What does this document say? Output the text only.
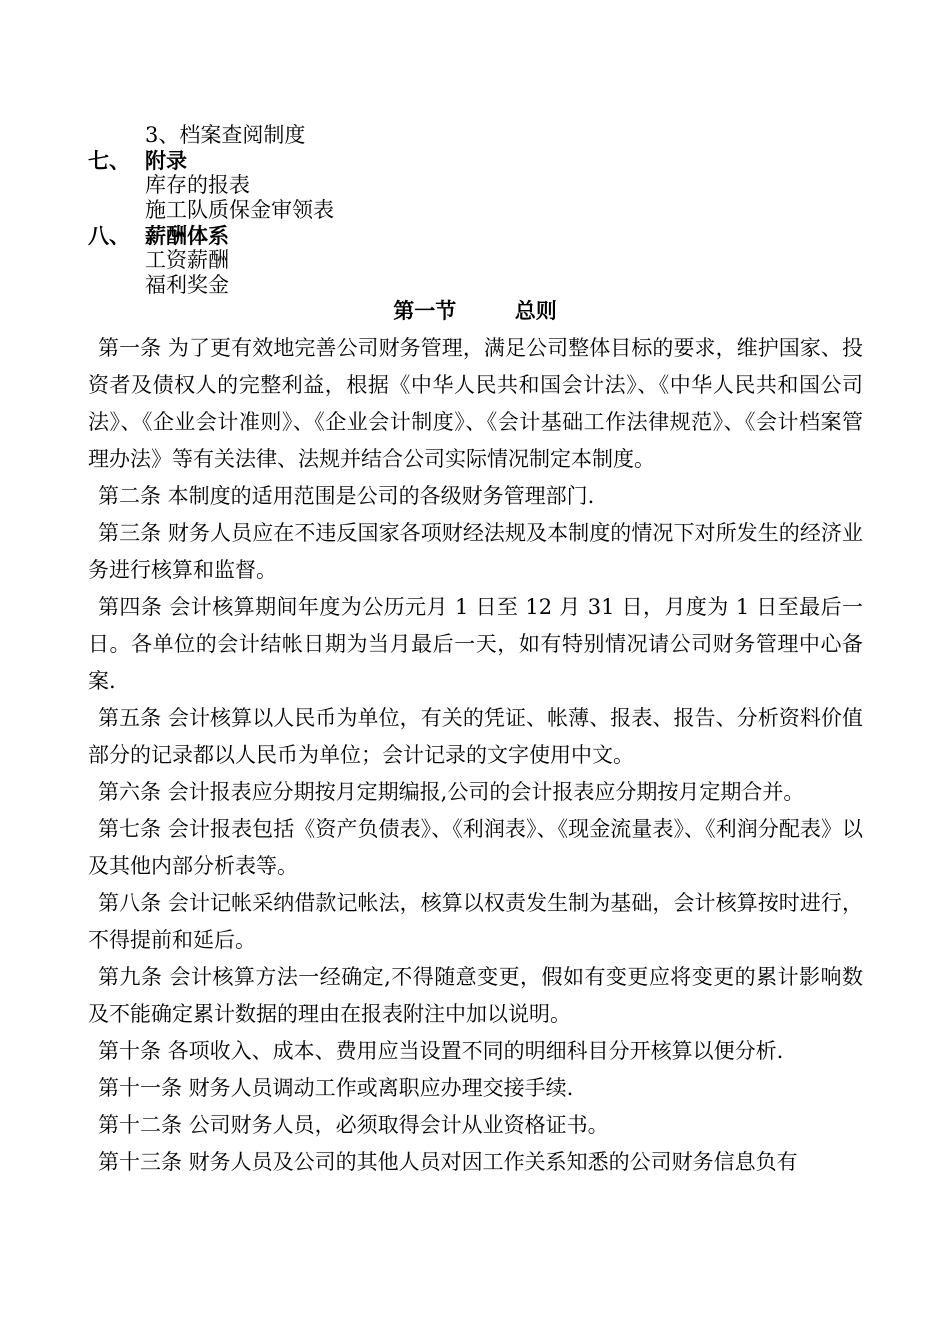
3、档案查阅制度
七、 附录
库存的报表
施工队质保金审领表
八、 薪酬体系
工资薪酬
福利奖金
第一节        总则

第一条 为了更有效地完善公司财务管理，满足公司整体目标的要求，维护国家、投资者及债权人的完整利益，根据《中华人民共和国会计法》、《中华人民共和国公司法》、《企业会计准则》、《企业会计制度》、《会计基础工作法律规范》、《会计档案管理办法》等有关法律、法规并结合公司实际情况制定本制度。

第二条 本制度的适用范围是公司的各级财务管理部门.

第三条 财务人员应在不违反国家各项财经法规及本制度的情况下对所发生的经济业务进行核算和监督。

第四条 会计核算期间年度为公历元月 1 日至 12 月 31 日，月度为 1 日至最后一日。各单位的会计结帐日期为当月最后一天，如有特别情况请公司财务管理中心备案.

第五条 会计核算以人民币为单位，有关的凭证、帐薄、报表、报告、分析资料价值部分的记录都以人民币为单位；会计记录的文字使用中文。

第六条 会计报表应分期按月定期编报,公司的会计报表应分期按月定期合并。

第七条 会计报表包括《资产负债表》、《利润表》、《现金流量表》、《利润分配表》以及其他内部分析表等。

第八条 会计记帐采纳借款记帐法，核算以权责发生制为基础，会计核算按时进行，不得提前和延后。

第九条 会计核算方法一经确定,不得随意变更，假如有变更应将变更的累计影响数及不能确定累计数据的理由在报表附注中加以说明。

第十条 各项收入、成本、费用应当设置不同的明细科目分开核算以便分析.

第十一条 财务人员调动工作或离职应办理交接手续.

第十二条 公司财务人员，必须取得会计从业资格证书。

第十三条 财务人员及公司的其他人员对因工作关系知悉的公司财务信息负有
